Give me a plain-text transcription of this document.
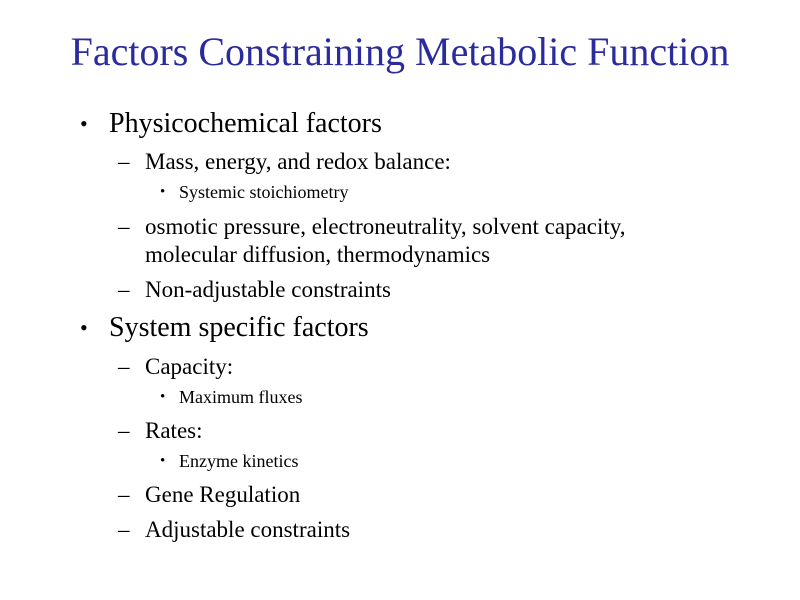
Factors Constraining Metabolic Function
• Physicochemical factors
– Mass, energy, and redox balance:
• Systemic stoichiometry
– osmotic pressure, electroneutrality, solvent capacity,
molecular diffusion, thermodynamics
– Non-adjustable constraints
• System specific factors
– Capacity:
• Maximum fluxes
– Rates:
• Enzyme kinetics
– Gene Regulation
– Adjustable constraints
